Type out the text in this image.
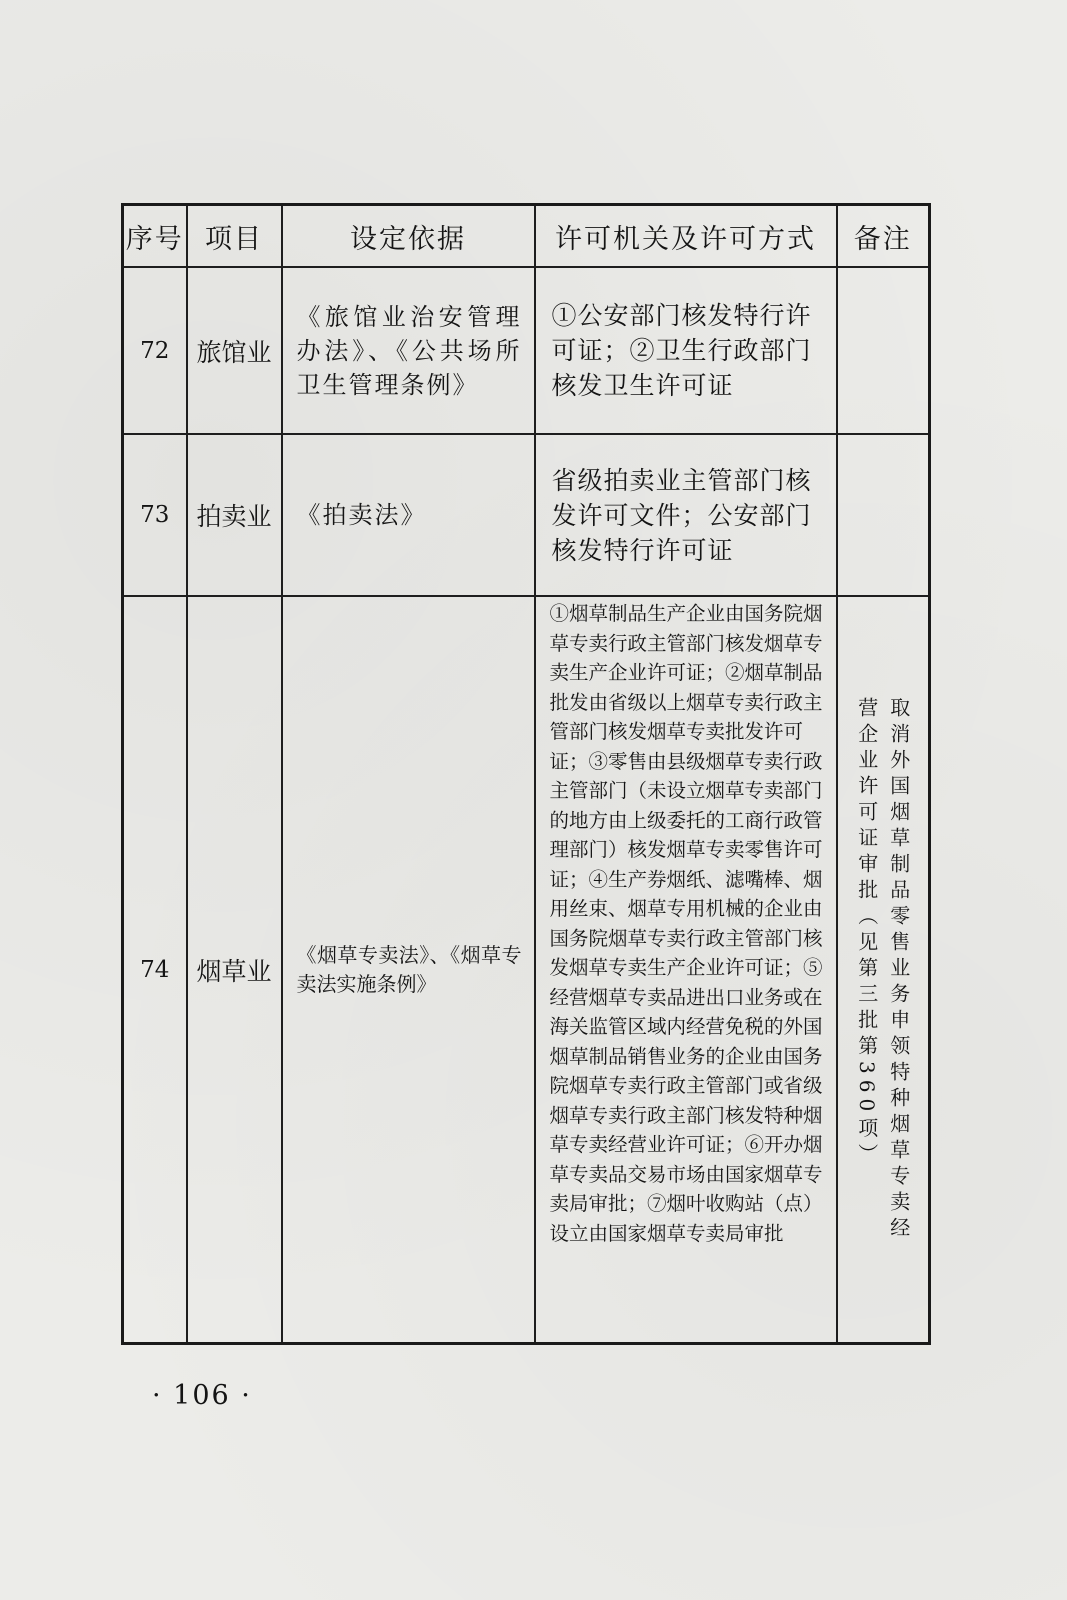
序号	项目	设定依据	许可机关及许可方式	备注
72	旅馆业	《旅馆业治安管理办法》、《公共场所卫生管理条例》	①公安部门核发特行许可证；②卫生行政部门核发卫生许可证	
73	拍卖业	《拍卖法》	省级拍卖业主管部门核发许可文件；公安部门核发特行许可证	
74	烟草业	《烟草专卖法》、《烟草专卖法实施条例》	①烟草制品生产企业由国务院烟草专卖行政主管部门核发烟草专卖生产企业许可证；②烟草制品批发由省级以上烟草专卖行政主管部门核发烟草专卖批发许可证；③零售由县级烟草专卖行政主管部门（未设立烟草专卖部门的地方由上级委托的工商行政管理部门）核发烟草专卖零售许可证；④生产券烟纸、滤嘴棒、烟用丝束、烟草专用机械的企业由国务院烟草专卖行政主管部门核发烟草专卖生产企业许可证；⑤经营烟草专卖品进出口业务或在海关监管区域内经营免税的外国烟草制品销售业务的企业由国务院烟草专卖行政主管部门或省级烟草专卖行政主部门核发特种烟草专卖经营业许可证；⑥开办烟草专卖品交易市场由国家烟草专卖局审批；⑦烟叶收购站（点）设立由国家烟草专卖局审批	取消外国烟草制品零售业务申领特种烟草专卖经营企业许可证审批（见第三批第360项）
· 106 ·
